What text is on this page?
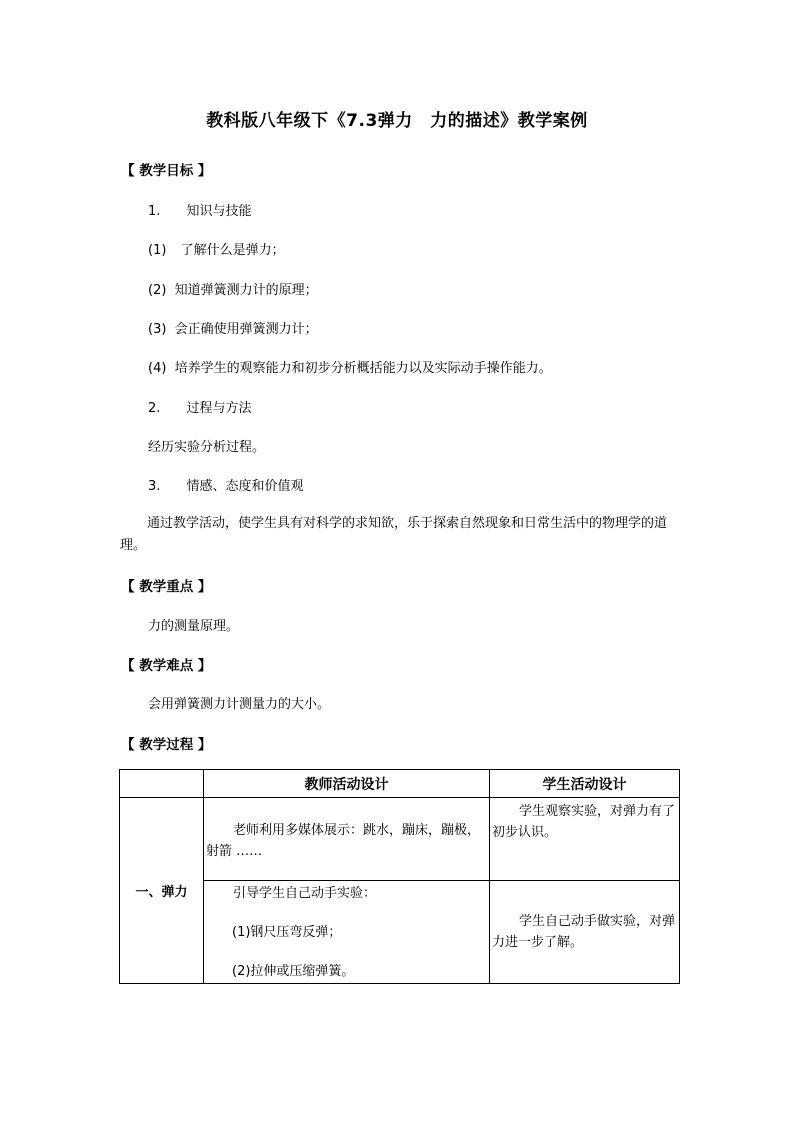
教科版八年级下《7.3弹力　力的描述》教学案例
【 教学目标 】
1. 知识与技能
(1) 了解什么是弹力；
(2) 知道弹簧测力计的原理；
(3) 会正确使用弹簧测力计；
(4) 培养学生的观察能力和初步分析概括能力以及实际动手操作能力。
2. 过程与方法
经历实验分析过程。
3. 情感、态度和价值观
通过教学活动，使学生具有对科学的求知欲，乐于探索自然现象和日常生活中的物理学的道理。
【 教学重点 】
力的测量原理。
【 教学难点 】
会用弹簧测力计测量力的大小。
【 教学过程 】
	教师活动设计	学生活动设计
一、弹力	老师利用多媒体展示：跳水，蹦床，蹦极，射箭 ……	学生观察实验，对弹力有了初步认识。

	引导学生自己动手实验：
(1)钢尺压弯反弹；
(2)拉伸或压缩弹簧。	学生自己动手做实验，对弹力进一步了解。
